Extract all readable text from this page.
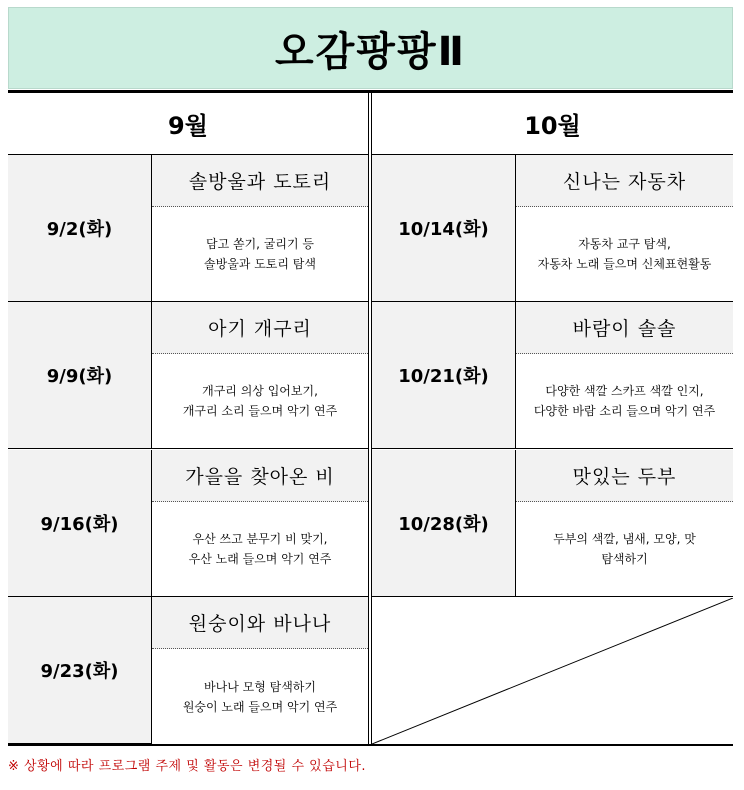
오감팡팡Ⅱ
9월	10월
9/2(화)
솔방울과 도토리
담고 쏟기, 굴리기 등
솔방울과 도토리 탐색
9/9(화)
아기 개구리
개구리 의상 입어보기,
개구리 소리 들으며 악기 연주
9/16(화)
가을을 찾아온 비
우산 쓰고 분무기 비 맞기,
우산 노래 들으며 악기 연주
9/23(화)
원숭이와 바나나
바나나 모형 탐색하기
원숭이 노래 들으며 악기 연주
10/14(화)
신나는 자동차
자동차 교구 탐색,
자동차 노래 들으며 신체표현활동
10/21(화)
바람이 솔솔
다양한 색깔 스카프 색깔 인지,
다양한 바람 소리 들으며 악기 연주
10/28(화)
맛있는 두부
두부의 색깔, 냄새, 모양, 맛
탐색하기
※ 상황에 따라 프로그램 주제 및 활동은 변경될 수 있습니다.
